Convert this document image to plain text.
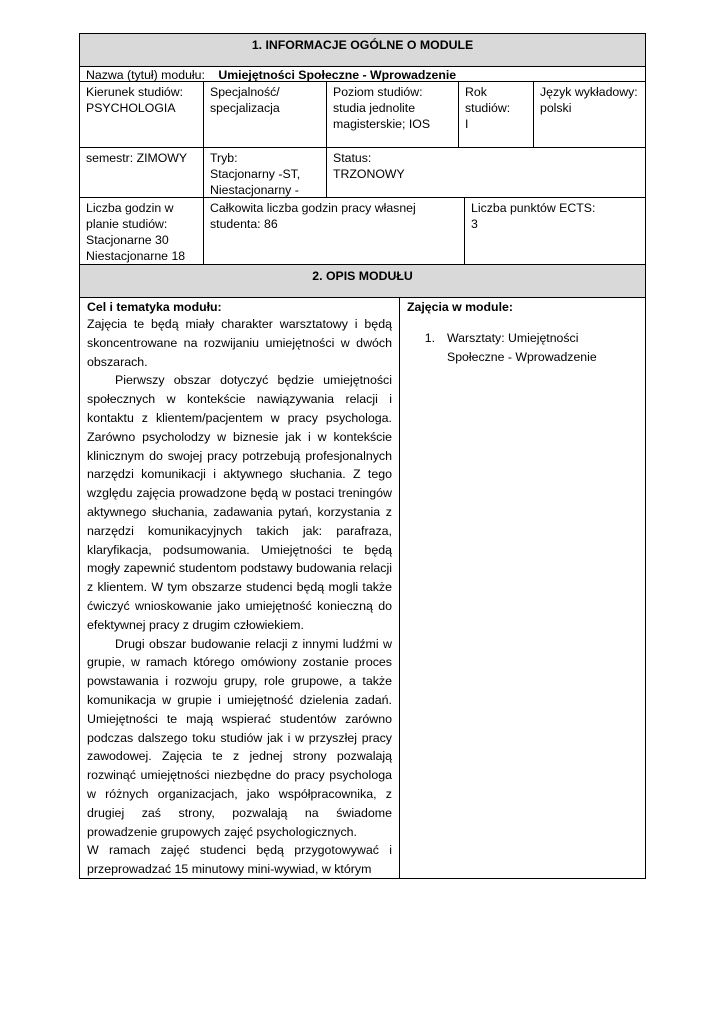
1. INFORMACJE OGÓLNE O MODULE
Nazwa (tytuł) modułu: Umiejętności Społeczne - Wprowadzenie
Kierunek studiów:
PSYCHOLOGIA
Specjalność/
specjalizacja
Poziom studiów:
studia jednolite
magisterskie; IOS
Rok
studiów:
I
Język wykładowy:
polski
semestr: ZIMOWY	Tryb:
Stacjonarny -ST,
Niestacjonarny -
Status:
TRZONOWY
Liczba godzin w
planie studiów:
Stacjonarne 30
Niestacjonarne 18
Całkowita liczba godzin pracy własnej
studenta: 86
Liczba punktów ECTS:
3
2. OPIS MODUŁU
Cel i tematyka modułu:

Zajęcia te będą miały charakter warsztatowy i będą skoncentrowane na rozwijaniu umiejętności w dwóch obszarach.

Pierwszy obszar dotyczyć będzie umiejętności społecznych w kontekście nawiązywania relacji i kontaktu z klientem/pacjentem w pracy psychologa. Zarówno psycholodzy w biznesie jak i w kontekście klinicznym do swojej pracy potrzebują profesjonalnych narzędzi komunikacji i aktywnego słuchania. Z tego względu zajęcia prowadzone będą w postaci treningów aktywnego słuchania, zadawania pytań, korzystania z narzędzi komunikacyjnych takich jak: parafraza, klaryfikacja, podsumowania. Umiejętności te będą mogły zapewnić studentom podstawy budowania relacji z klientem. W tym obszarze studenci będą mogli także ćwiczyć wnioskowanie jako umiejętność konieczną do efektywnej pracy z drugim człowiekiem.

Drugi obszar budowanie relacji z innymi ludźmi w grupie, w ramach którego omówiony zostanie proces powstawania i rozwoju grupy, role grupowe, a także komunikacja w grupie i umiejętność dzielenia zadań. Umiejętności te mają wspierać studentów zarówno podczas dalszego toku studiów jak i w przyszłej pracy zawodowej. Zajęcia te z jednej strony pozwalają rozwinąć umiejętności niezbędne do pracy psychologa w różnych organizacjach, jako współpracownika, z drugiej zaś strony, pozwalają na świadome prowadzenie grupowych zajęć psychologicznych.

W ramach zajęć studenci będą przygotowywać i przeprowadzać 15 minutowy mini-wywiad, w którym

Zajęcia w module:
1. Warsztaty: Umiejętności
Społeczne - Wprowadzenie
